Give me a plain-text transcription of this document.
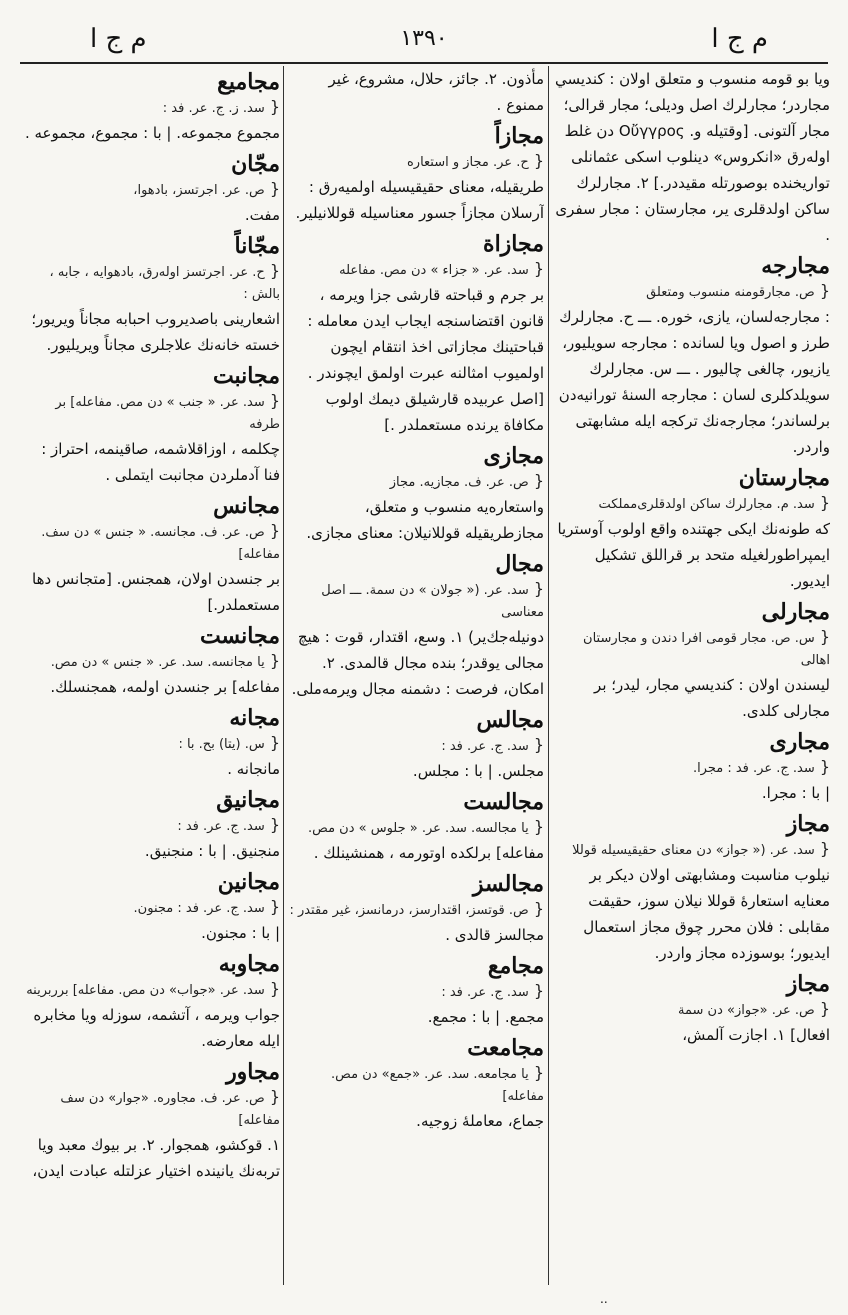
م ج ا	۱۳۹۰	م ج ا
ويا بو قومه منسوب و متعلق اولان : كنديسي مجاردر؛ مجارلرك اصل وديلى؛ مجار قرالى؛ مجار آلتونى. [وقتيله و. Οὔγγρος دن غلط اوله‌رق «انكروس» دينلوب اسكى عثمانلى تواريخنده بوصورتله مقيددر.] ٢. مجارلرك ساكن اولدقلرى ير، مجارستان : مجار سفرى .
مجارجه
{ ص. مجارقومنه منسوب ومتعلق
: مجارجه‌لسان، يازى، خوره. ـــ ح. مجارلرك طرز و اصول ويا لسانده : مجارجه سويليور، يازيور، چالغى چاليور . ـــ س. مجارلرك سويلدكلرى لسان : مجارجه السنهٔ تورانيه‌دن برلساندر؛ مجارجه‌نك تركجه ايله مشابهتى واردر.
مجارستان
{ سد. م. مجارلرك ساكن اولدقلرى‌مملكت
كه طونه‌نك ايكى جهتنده واقع اولوب آوستريا ايمپراطورلغيله متحد بر قراللق تشكيل ايديور.
مجارلى
{ س. ص. مجار قومى افرا دندن و مجارستان اهالى
ليسندن اولان : كنديسي مجار، ليدر؛ بر مجارلى كلدى.
مجارى
{ سد. ج. عر. فد : مجرا.
| با : مجرا.
مجاز
{ سد. عر. (« جواز» دن معناى حقيقيسيله قوللا
نيلوب مناسبت ومشابهتى اولان ديكر بر معنايه استعارهٔ قوللا نيلان سوز، حقيقت مقابلى : فلان محرر چوق مجاز استعمال ايديور؛ بوسوزده مجاز واردر.
مجاز
{ ص. عر. «جواز» دن سمة
افعال] ١. اجازت آلمش،
مأذون. ۲. جائز، حلال، مشروع، غير ممنوع .
مجازاً
{ ح. عر. مجاز و استعاره
طريقيله، معناى حقيقيسيله اولميه‌رق : آرسلان مجازاً جسور معناسيله قوللانيلير.
مجازاة
{ سد. عر. « جزاء » دن مص. مفاعله
بر جرم و قباحته قارشى جزا ويرمه ، قانون اقتضاسنجه ايجاب ايدن معامله : قباحتينك مجازاتى اخذ انتقام ايچون اولميوب امثالنه عبرت اولمق ايچوندر . [اصل عربيده قارشيلق ديمك اولوب مكافاة يرنده مستعملدر .]
مجازى
{ ص. عر. ف. مجازيه. مجاز
واستعاره‌يه منسوب و متعلق، مجازطريقيله قوللانيلان: معناى مجازى.
مجال
{ سد. عر. (« جولان » دن سمة. ـــ اصل معناسى
دونيله‌جك‌ير) ١. وسع، اقتدار، قوت : هيچ مجالى يوقدر؛ بنده مجال قالمدى. ٢. امكان، فرصت : دشمنه مجال ويرمه‌ملى.
مجالس
{ سد. ج. عر. فد :
مجلس. | با : مجلس.
مجالست
{ يا مجالسه. سد. عر. « جلوس » دن مص.
مفاعله] برلكده اوتورمه ، همنشينلك .
مجالسز
{ ص. قوتسز، اقتدارسز، درمانسز، غير مقتدر :
مجالسز قالدى .
مجامع
{ سد. ج. عر. فد :
مجمع. | با : مجمع.
مجامعت
{ يا مجامعه. سد. عر. «جمع» دن مص. مفاعله]
جماع، معاملهٔ زوجيه.
مجاميع
{ سد. ز. ج. عر. فد :
مجموع مجموعه. | با : مجموع، مجموعه .
مجّان
{ ص. عر. اجرتسز، بادهوا،
مفت.
مجّاناً
{ ح. عر. اجرتسز اوله‌رق، بادهوايه ، جابه ، بالش :
اشعارينى باصديروب احبابه مجاناً ويريور؛ خسته خانه‌نك علاجلرى مجاناً ويريليور.
مجانبت
{ سد. عر. « جنب » دن مص. مفاعله] بر طرفه
چكلمه ، اوزاقلاشمه، صاقينمه، احتراز : فنا آدملردن مجانبت ايتملى .
مجانس
{ ص. عر. ف. مجانسه. « جنس » دن سف. مفاعله]
بر جنسدن اولان، همجنس. [متجانس دها مستعملدر.]
مجانست
{ يا مجانسه. سد. عر. « جنس » دن مص.
مفاعله] بر جنسدن اولمه، همجنسلك.
مجانه
{ س. (يتا) بح. با :
مانجانه .
مجانيق
{ سد. ج. عر. فد :
منجنيق. | با : منجنيق.
مجانين
{ سد. ج. عر. فد : مجنون.
| با : مجنون.
مجاوبه
{ سد. عر. «جواب» دن مص. مفاعله] برربرينه
جواب ويرمه ، آتشمه، سوزله ويا مخابره ايله معارضه.
مجاور
{ ص. عر. ف. مجاوره. «جوار» دن سف مفاعله]
١. قوكشو، همجوار. ٢. بر بيوك معبد ويا تربه‌نك يانينده اختيار عزلتله عبادت ايدن،
..
